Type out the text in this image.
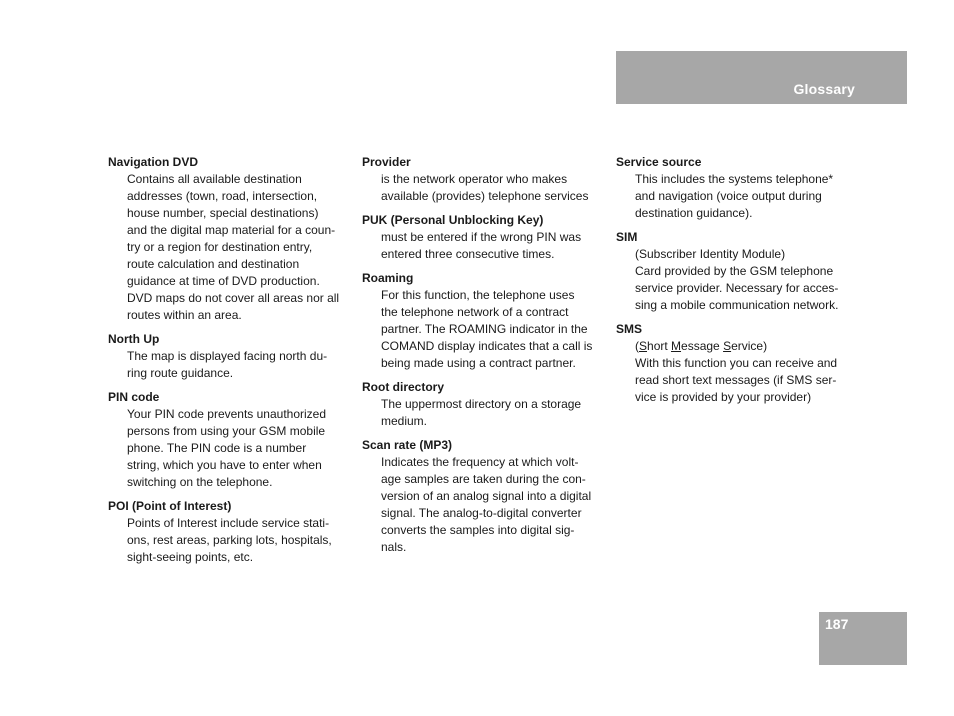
Glossary
Navigation DVD
Contains all available destination
addresses (town, road, intersection,
house number, special destinations)
and the digital map material for a coun-
try or a region for destination entry,
route calculation and destination
guidance at time of DVD production.
DVD maps do not cover all areas nor all
routes within an area.
North Up
The map is displayed facing north du-
ring route guidance.
PIN code
Your PIN code prevents unauthorized
persons from using your GSM mobile
phone. The PIN code is a number
string, which you have to enter when
switching on the telephone.
POI (Point of Interest)
Points of Interest include service stati-
ons, rest areas, parking lots, hospitals,
sight-seeing points, etc.
Provider
is the network operator who makes
available (provides) telephone services
PUK (Personal Unblocking Key)
must be entered if the wrong PIN was
entered three consecutive times.
Roaming
For this function, the telephone uses
the telephone network of a contract
partner. The ROAMING indicator in the
COMAND display indicates that a call is
being made using a contract partner.
Root directory
The uppermost directory on a storage
medium.
Scan rate (MP3)
Indicates the frequency at which volt-
age samples are taken during the con-
version of an analog signal into a digital
signal. The analog-to-digital converter
converts the samples into digital sig-
nals.
Service source
This includes the systems telephone*
and navigation (voice output during
destination guidance).
SIM
(Subscriber Identity Module)
Card provided by the GSM telephone
service provider. Necessary for acces-
sing a mobile communication network.
SMS
(Short Message Service)
With this function you can receive and
read short text messages (if SMS ser-
vice is provided by your provider)
187
